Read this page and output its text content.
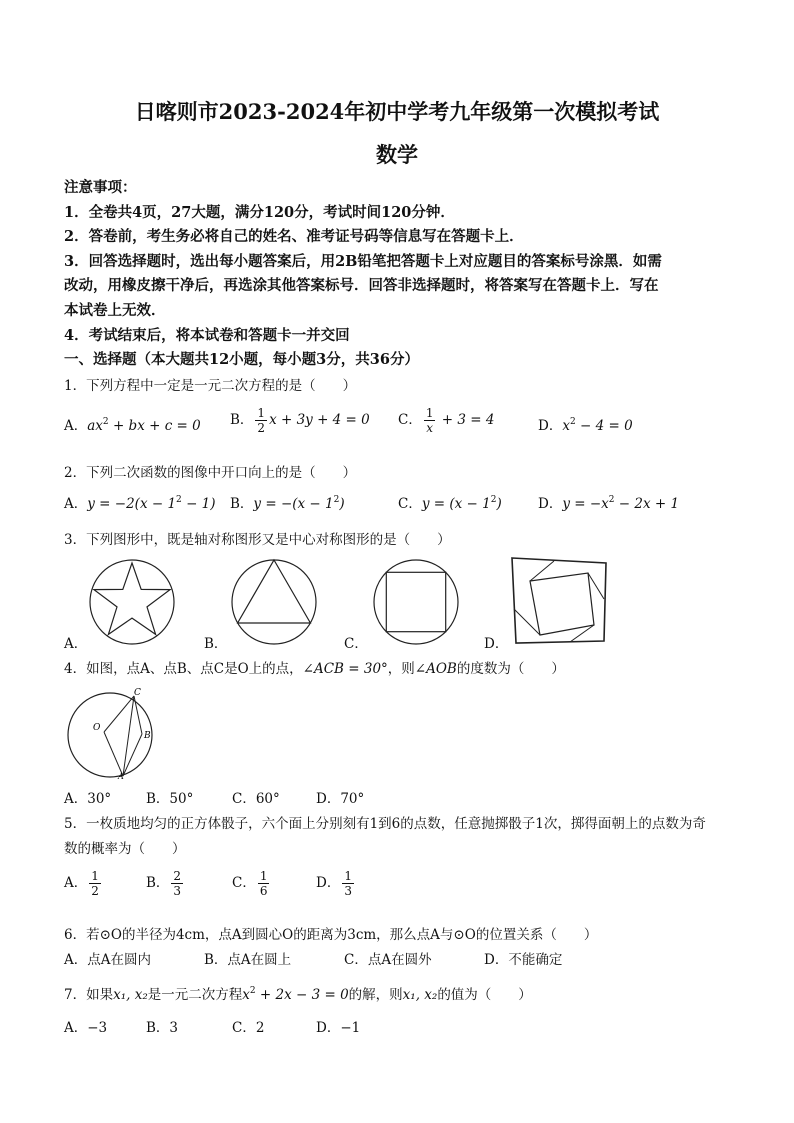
日喀则市2023-2024年初中学考九年级第一次模拟考试
数学
注意事项：
1．全卷共4页，27大题，满分120分，考试时间120分钟．
2．答卷前，考生务必将自己的姓名、准考证号码等信息写在答题卡上．
3．回答选择题时，选出每小题答案后，用2B铅笔把答题卡上对应题目的答案标号涂黑．如需
改动，用橡皮擦干净后，再选涂其他答案标号．回答非选择题时，将答案写在答题卡上．写在
本试卷上无效．
4．考试结束后，将本试卷和答题卡一并交回
一、选择题（本大题共12小题，每小题3分，共36分）
1．下列方程中一定是一元二次方程的是（　　）
A．$ax^2$ + bx + c = 0 B． $\frac{1}{2}$ x + 3y + 4 = 0 C． $\frac{1}{x} + 3 = 4$	D．$x^2 - 4 = 0$
2．下列二次函数的图像中开口向上的是（　　）
A．$y = -2(x - 1^2 - 1)$ B．$y = -(x - 1^2)$	C．$y = (x - 1^2)$	D．$y = -x^2 - 2x + 1$
3．下列图形中，既是轴对称图形又是中心对称图形的是（　　）
A．	B．	C．	D．
4．如图，点A、点B、点C是O上的点，∠ACB = 30°，则∠AOB的度数为（　　）
C
O
B
A
A．30°	B．50°	C．60°	D．70°
5．一枚质地均匀的正方体骰子，六个面上分别刻有1到6的点数，任意抛掷骰子1次，掷得面朝上的点数为奇
数的概率为（　　）
A． $\frac{1}{2}$	B． $\frac{2}{3}$	C． $\frac{1}{6}$	D． $\frac{1}{3}$
6．若⊙O的半径为4cm，点A到圆心O的距离为3cm，那么点A与⊙O的位置关系（　　）
A．点A在圆内	B．点A在圆上	C．点A在圆外	D．不能确定
7．如果x₁, x₂是一元二次方程$x^2 + 2x - 3 = 0$的解，则x₁, x₂的值为（　　）
A．−3	B．3	C．2	D．−1
